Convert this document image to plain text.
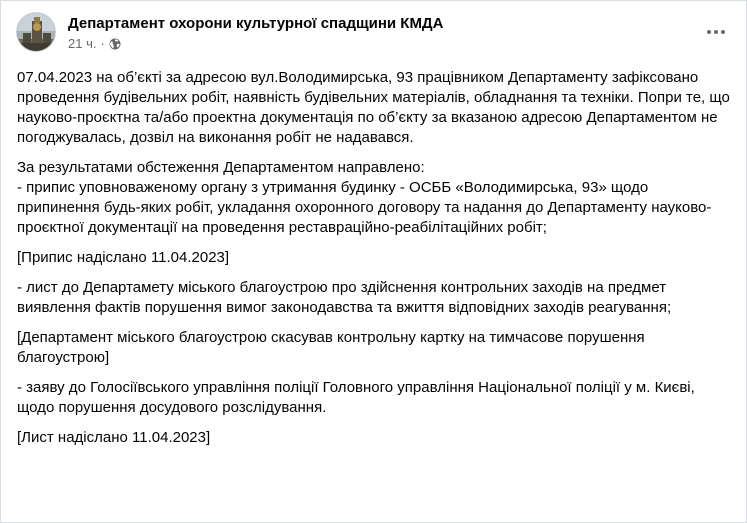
Департамент охорони культурної спадщини КМДА
21 ч. ·

07.04.2023 на об’єкті за адресою вул.Володимирська, 93 працівником Департаменту зафіксовано проведення будівельних робіт, наявність будівельних матеріалів, обладнання та техніки. Попри те, що науково-проєктна та/або проектна документація по об’єкту за вказаною адресою Департаментом не погоджувалась, дозвіл на виконання робіт не надавався.

За результатами обстеження Департаментом направлено:
- припис уповноваженому органу з утримання будинку - ОСББ «Володимирська, 93» щодо припинення будь-яких робіт, укладання охоронного договору та надання до Департаменту науково-проєктної документації на проведення реставраційно-реабілітаційних робіт;

[Припис надіслано 11.04.2023]

- лист до Департамету міського благоустрою про здійснення контрольних заходів на предмет виявлення фактів порушення вимог законодавства та вжиття відповідних заходів реагування;

[Департамент міського благоустрою скасував контрольну картку на тимчасове порушення благоустрою]

- заяву до Голосіївського управління поліції Головного управління Національної поліції у м. Києві, щодо порушення досудового розслідування.

[Лист надіслано 11.04.2023]
